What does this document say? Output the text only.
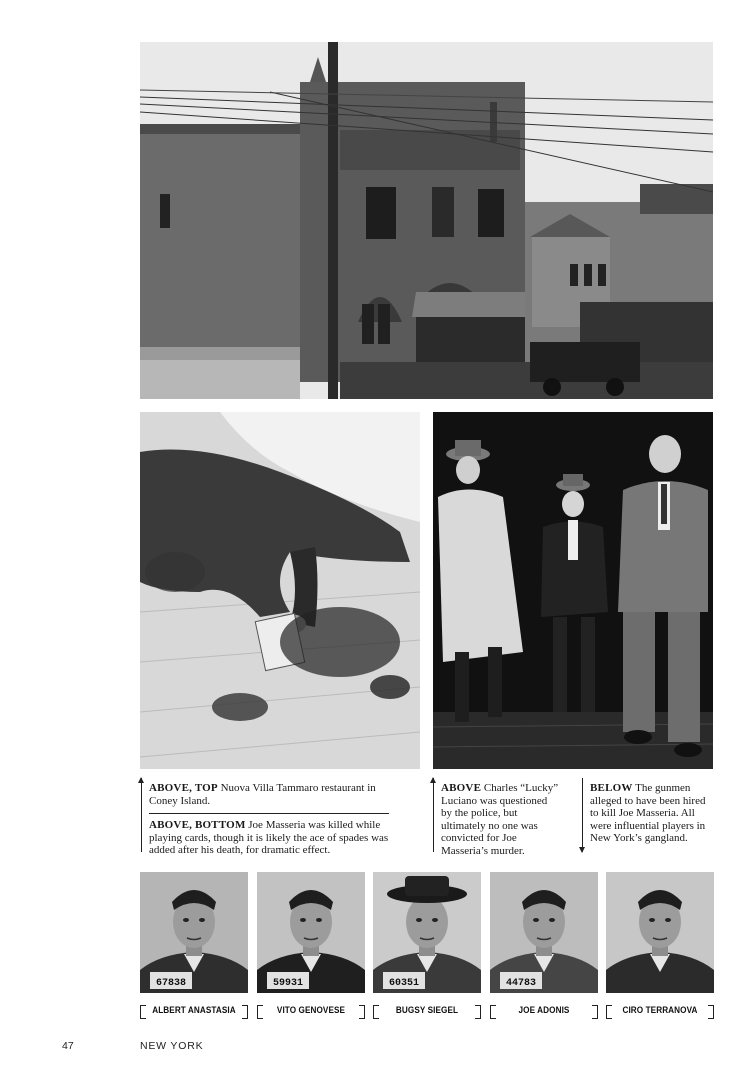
ABOVE, TOP Nuova Villa Tammaro restaurant in Coney Island.
ABOVE, BOTTOM Joe Masseria was killed while playing cards, though it is likely the ace of spades was added after his death, for dramatic effect.
ABOVE Charles “Lucky” Luciano was questioned by the police, but ultimately no one was convicted for Joe Masseria’s murder.
BELOW The gunmen alleged to have been hired to kill Joe Masseria. All were influential players in New York’s gangland.
67838
ALBERT ANASTASIA
59931
VITO GENOVESE
60351
BUGSY SIEGEL
44783
JOE ADONIS	CIRO TERRANOVA
47	NEW YORK
